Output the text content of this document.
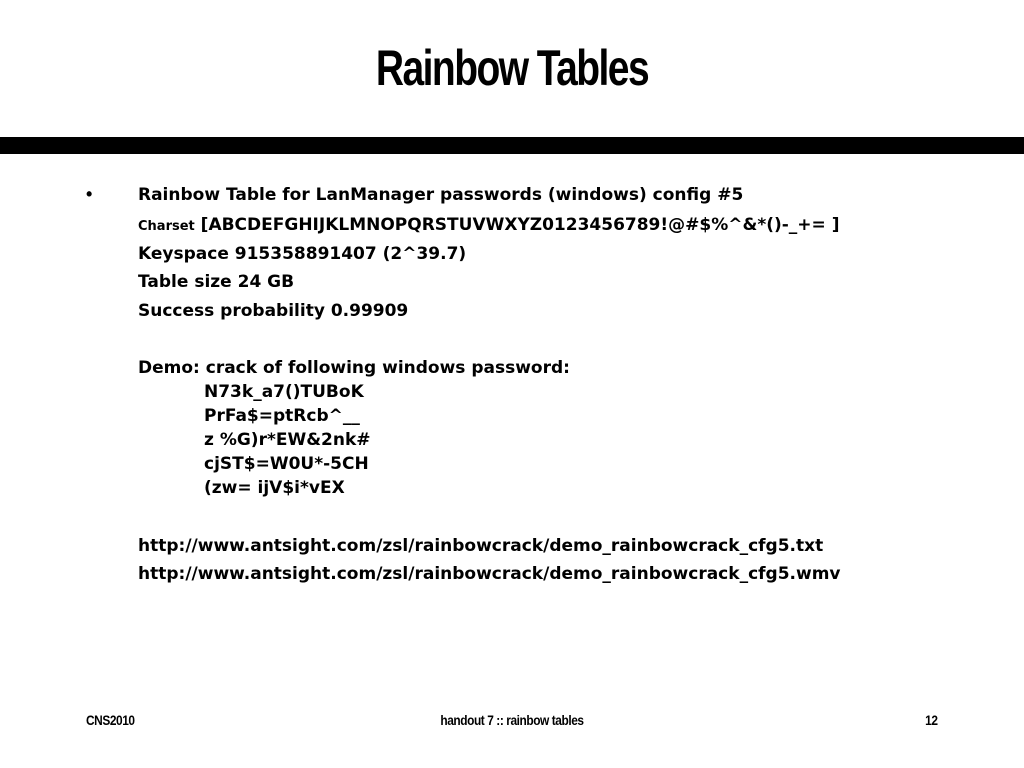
Rainbow Tables
•	Rainbow Table for LanManager passwords (windows) config #5
Charset [ABCDEFGHIJKLMNOPQRSTUVWXYZ0123456789!@#$%^&*()-_+= ]
Keyspace 915358891407 (2^39.7)
Table size 24 GB
Success probability 0.99909
Demo: crack of following windows password:
N73k_a7()TUBoK
PrFa$=ptRcb^__
z %G)r*EW&2nk#
cjST$=W0U*-5CH
(zw= ijV$i*vEX
http://www.antsight.com/zsl/rainbowcrack/demo_rainbowcrack_cfg5.txt
http://www.antsight.com/zsl/rainbowcrack/demo_rainbowcrack_cfg5.wmv
CNS2010	handout 7 :: rainbow tables	12
